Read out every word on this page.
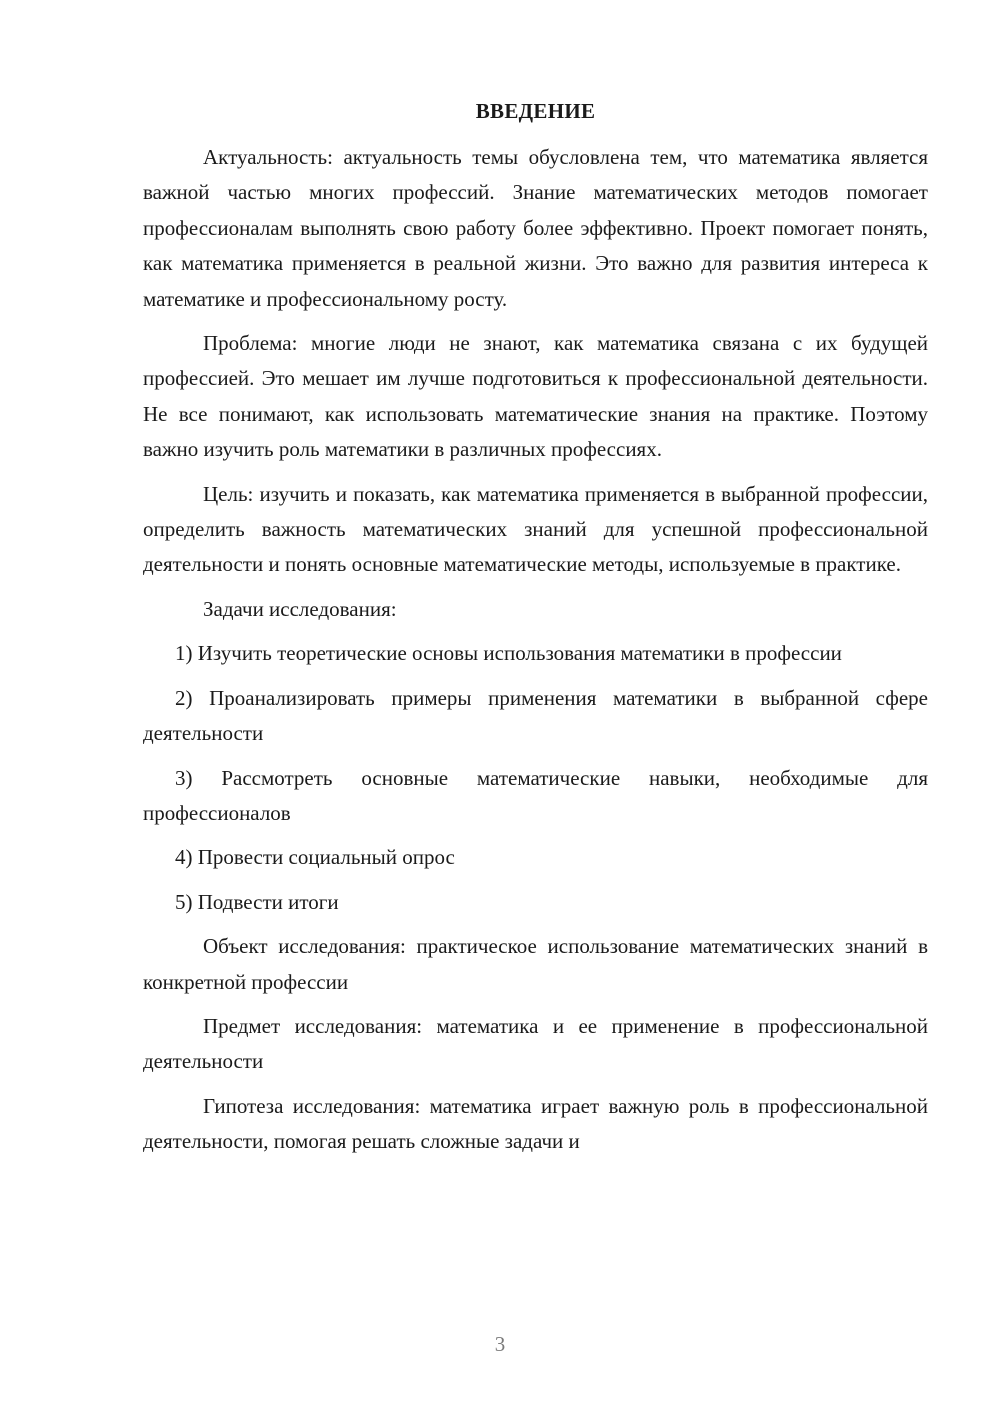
ВВЕДЕНИЕ

Актуальность: актуальность темы обусловлена тем, что математика является важной частью многих профессий. Знание математических методов помогает профессионалам выполнять свою работу более эффективно. Проект помогает понять, как математика применяется в реальной жизни. Это важно для развития интереса к математике и профессиональному росту.

Проблема: многие люди не знают, как математика связана с их будущей профессией. Это мешает им лучше подготовиться к профессиональной деятельности. Не все понимают, как использовать математические знания на практике. Поэтому важно изучить роль математики в различных профессиях.

Цель: изучить и показать, как математика применяется в выбранной профессии, определить важность математических знаний для успешной профессиональной деятельности и понять основные математические методы, используемые в практике.

Задачи исследования:

1) Изучить теоретические основы использования математики в профессии

2) Проанализировать примеры применения математики в выбранной сфере деятельности

3) Рассмотреть основные математические навыки, необходимые для профессионалов

4) Провести социальный опрос

5) Подвести итоги

Объект исследования: практическое использование математических знаний в конкретной профессии

Предмет исследования: математика и ее применение в профессиональной деятельности

Гипотеза исследования: математика играет важную роль в профессиональной деятельности, помогая решать сложные задачи и

3
